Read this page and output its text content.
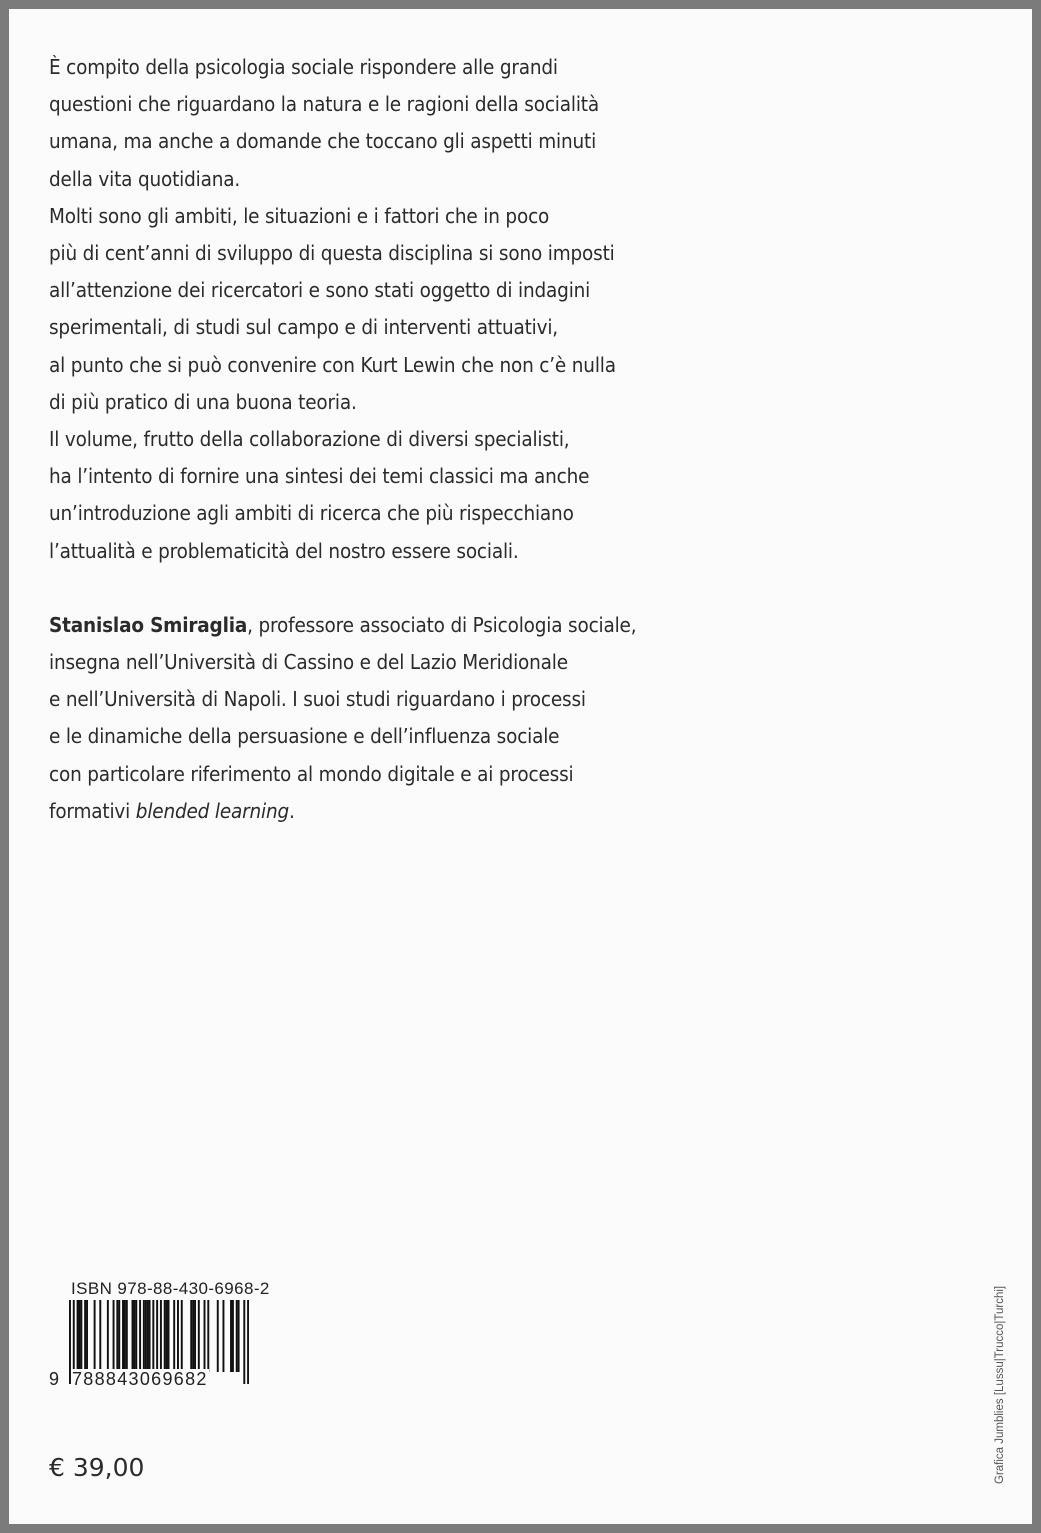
È compito della psicologia sociale rispondere alle grandi
questioni che riguardano la natura e le ragioni della socialità
umana, ma anche a domande che toccano gli aspetti minuti
della vita quotidiana.
Molti sono gli ambiti, le situazioni e i fattori che in poco
più di cent’anni di sviluppo di questa disciplina si sono imposti
all’attenzione dei ricercatori e sono stati oggetto di indagini
sperimentali, di studi sul campo e di interventi attuativi,
al punto che si può convenire con Kurt Lewin che non c’è nulla
di più pratico di una buona teoria.
Il volume, frutto della collaborazione di diversi specialisti,
ha l’intento di fornire una sintesi dei temi classici ma anche
un’introduzione agli ambiti di ricerca che più rispecchiano
l’attualità e problematicità del nostro essere sociali.

Stanislao Smiraglia, professore associato di Psicologia sociale,
insegna nell’Università di Cassino e del Lazio Meridionale
e nell’Università di Napoli. I suoi studi riguardano i processi
e le dinamiche della persuasione e dell’influenza sociale
con particolare riferimento al mondo digitale e ai processi
formativi blended learning.

ISBN 978-88-430-6968-2
9 788843069682
€ 39,00	Grafica Jumblies [Lussu|Trucco|Turchi]
